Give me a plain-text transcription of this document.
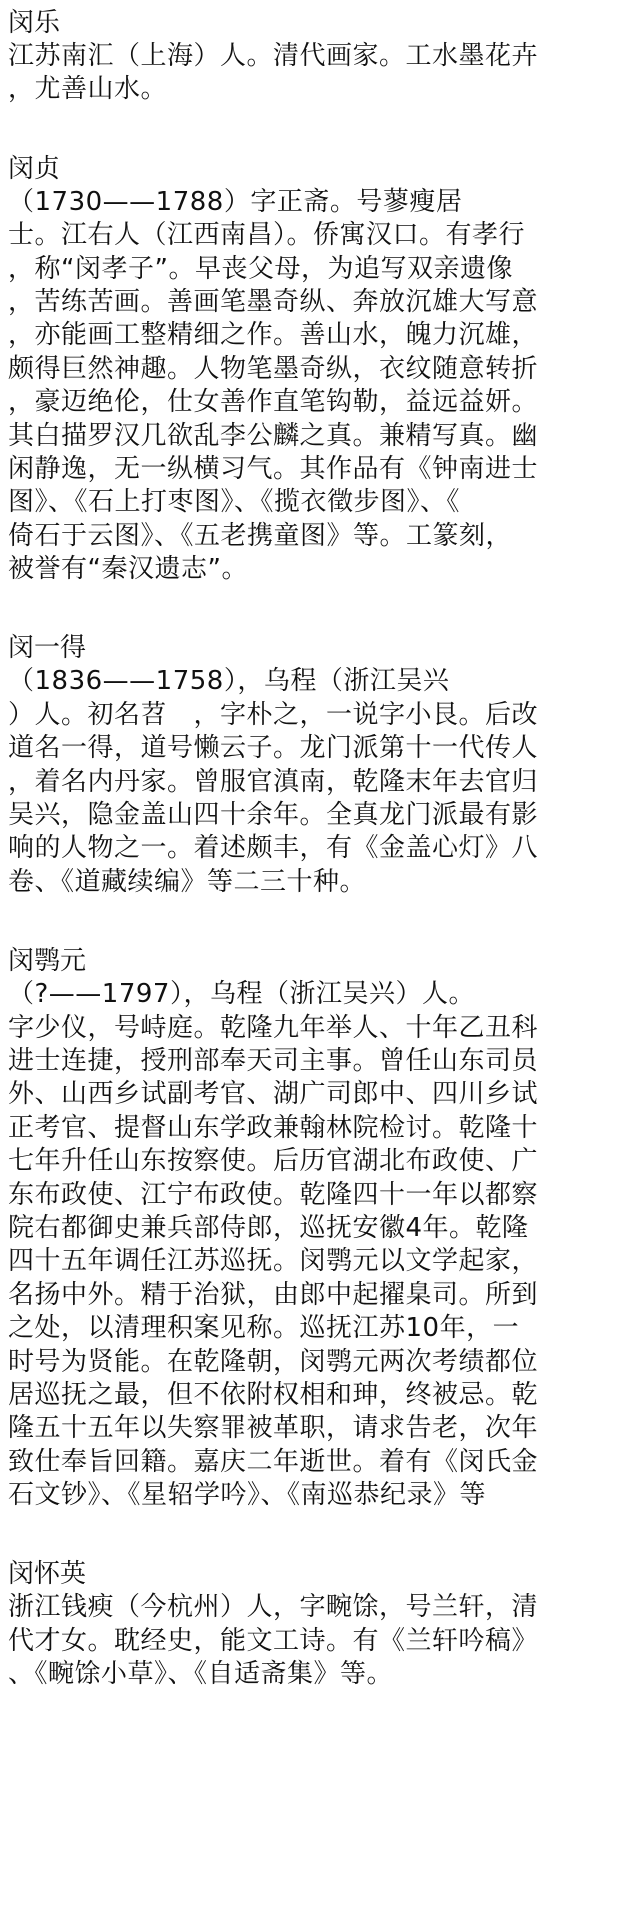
闵乐
江苏南汇（上海）人。清代画家。工水墨花卉
，尤善山水。
闵贞
（1730——1788）字正斋。号蓼瘦居
士。江右人（江西南昌）。侨寓汉口。有孝行
，称“闵孝子”。早丧父母，为追写双亲遗像
，苦练苦画。善画笔墨奇纵、奔放沉雄大写意
，亦能画工整精细之作。善山水，魄力沉雄，
颇得巨然神趣。人物笔墨奇纵，衣纹随意转折
，豪迈绝伦，仕女善作直笔钩勒，益远益妍。
其白描罗汉几欲乱李公麟之真。兼精写真。幽
闲静逸，无一纵横习气。其作品有《钟南进士
图》、《石上打枣图》、《揽衣徵步图》、《
倚石于云图》、《五老携童图》等。工篆刻，
被誉有“秦汉遗志”。
闵一得
（1836——1758），乌程（浙江吴兴
）人。初名苕　，字朴之，一说字小艮。后改
道名一得，道号懒云子。龙门派第十一代传人
，着名内丹家。曾服官滇南，乾隆末年去官归
吴兴，隐金盖山四十余年。全真龙门派最有影
响的人物之一。着述颇丰，有《金盖心灯》八
卷、《道藏续编》等二三十种。
闵鹗元
（?——1797），乌程（浙江吴兴）人。
字少仪，号峙庭。乾隆九年举人、十年乙丑科
进士连捷，授刑部奉天司主事。曾任山东司员
外、山西乡试副考官、湖广司郎中、四川乡试
正考官、提督山东学政兼翰林院检讨。乾隆十
七年升任山东按察使。后历官湖北布政使、广
东布政使、江宁布政使。乾隆四十一年以都察
院右都御史兼兵部侍郎，巡抚安徽4年。乾隆
四十五年调任江苏巡抚。闵鹗元以文学起家，
名扬中外。精于治狱，由郎中起擢臬司。所到
之处，以清理积案见称。巡抚江苏10年，一
时号为贤能。在乾隆朝，闵鹗元两次考绩都位
居巡抚之最，但不依附权相和珅，终被忌。乾
隆五十五年以失察罪被革职，请求告老，次年
致仕奉旨回籍。嘉庆二年逝世。着有《闵氏金
石文钞》、《星轺学吟》、《南巡恭纪录》等
闵怀英
浙江钱瘐（今杭州）人，字畹馀，号兰轩，清
代才女。耽经史，能文工诗。有《兰轩吟稿》
、《畹馀小草》、《自适斋集》等。
